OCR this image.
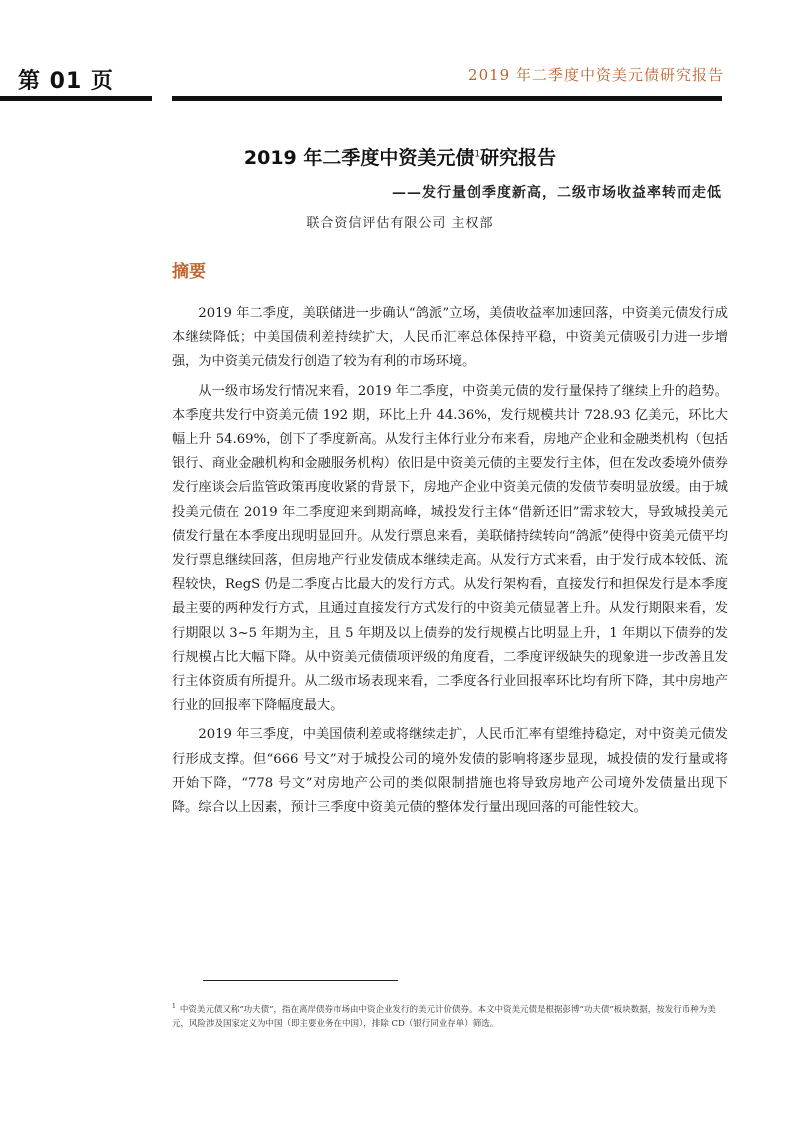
第 01 页	2019 年二季度中资美元债研究报告
2019 年二季度中资美元债$^1$研究报告
——发行量创季度新高，二级市场收益率转而走低
联合资信评估有限公司 主权部
摘要

2019 年二季度，美联储进一步确认“鸽派”立场，美债收益率加速回落，中资美元债发行成本继续降低；中美国债利差持续扩大，人民币汇率总体保持平稳，中资美元债吸引力进一步增强，为中资美元债发行创造了较为有利的市场环境。

从一级市场发行情况来看，2019 年二季度，中资美元债的发行量保持了继续上升的趋势。本季度共发行中资美元债 192 期，环比上升 44.36%，发行规模共计 728.93 亿美元，环比大幅上升 54.69%，创下了季度新高。从发行主体行业分布来看，房地产企业和金融类机构（包括银行、商业金融机构和金融服务机构）依旧是中资美元债的主要发行主体，但在发改委境外债券发行座谈会后监管政策再度收紧的背景下，房地产企业中资美元债的发债节奏明显放缓。由于城投美元债在 2019 年二季度迎来到期高峰，城投发行主体“借新还旧”需求较大，导致城投美元债发行量在本季度出现明显回升。从发行票息来看，美联储持续转向“鸽派”使得中资美元债平均发行票息继续回落，但房地产行业发债成本继续走高。从发行方式来看，由于发行成本较低、流程较快，RegS 仍是二季度占比最大的发行方式。从发行架构看，直接发行和担保发行是本季度最主要的两种发行方式，且通过直接发行方式发行的中资美元债显著上升。从发行期限来看，发行期限以 3~5 年期为主，且 5 年期及以上债券的发行规模占比明显上升，1 年期以下债券的发行规模占比大幅下降。从中资美元债债项评级的角度看，二季度评级缺失的现象进一步改善且发行主体资质有所提升。从二级市场表现来看，二季度各行业回报率环比均有所下降，其中房地产行业的回报率下降幅度最大。

2019 年三季度，中美国债利差或将继续走扩，人民币汇率有望维持稳定，对中资美元债发行形成支撑。但“666 号文”对于城投公司的境外发债的影响将逐步显现，城投债的发行量或将开始下降，“778 号文”对房地产公司的类似限制措施也将导致房地产公司境外发债量出现下降。综合以上因素，预计三季度中资美元债的整体发行量出现回落的可能性较大。

$^1$ 中资美元债又称“功夫债”，指在离岸债券市场由中资企业发行的美元计价债券。本文中资美元债是根据彭博“功夫债”板块数据，按发行币种为美元，风险涉及国家定义为中国（即主要业务在中国），排除 CD（银行同业存单）筛选。
